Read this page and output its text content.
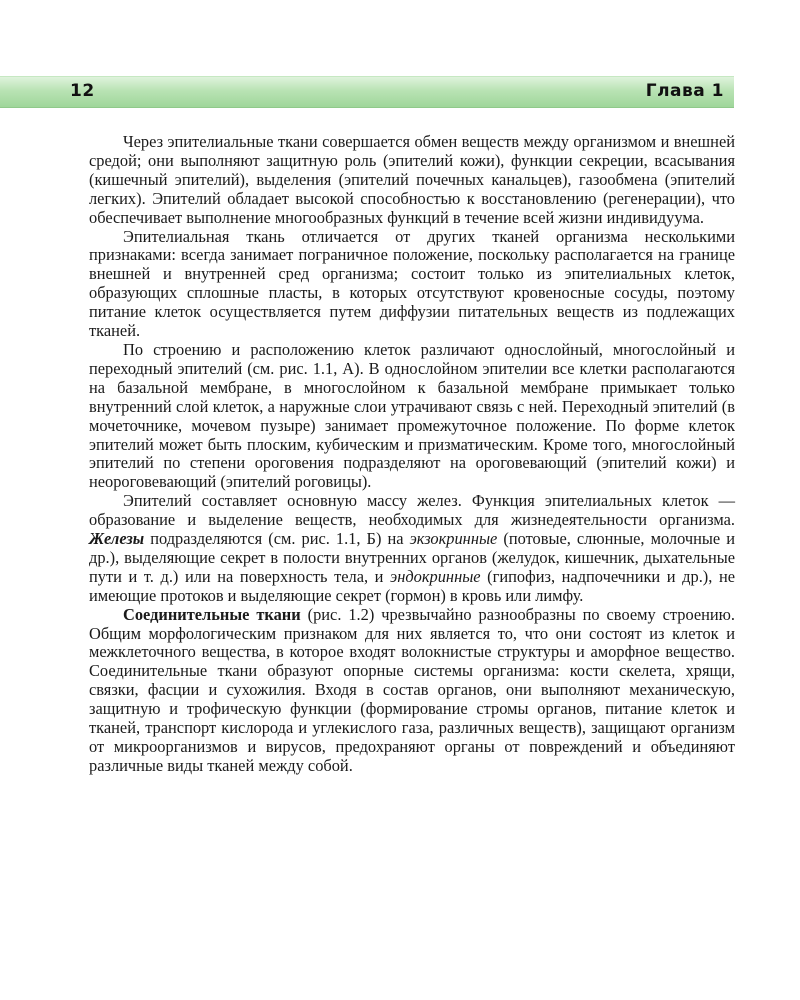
12	Глава 1

Через эпителиальные ткани совершается обмен веществ между организмом и внешней средой; они выполняют защитную роль (эпителий кожи), функции секреции, всасывания (кишечный эпителий), выделения (эпителий почечных канальцев), газообмена (эпителий легких). Эпителий обладает высокой способностью к восстановлению (регенерации), что обеспечивает выполнение многообразных функций в течение всей жизни индивидуума.

Эпителиальная ткань отличается от других тканей организма несколькими признаками: всегда занимает пограничное положение, поскольку располагается на границе внешней и внутренней сред организма; состоит только из эпителиальных клеток, образующих сплошные пласты, в которых отсутствуют кровеносные сосуды, поэтому питание клеток осуществляется путем диффузии питательных веществ из подлежащих тканей.

По строению и расположению клеток различают однослойный, многослойный и переходный эпителий (см. рис. 1.1, А). В однослойном эпителии все клетки располагаются на базальной мембране, в многослойном к базальной мембране примыкает только внутренний слой клеток, а наружные слои утрачивают связь с ней. Переходный эпителий (в мочеточнике, мочевом пузыре) занимает промежуточное положение. По форме клеток эпителий может быть плоским, кубическим и призматическим. Кроме того, многослойный эпителий по степени ороговения подразделяют на ороговевающий (эпителий кожи) и неороговевающий (эпителий роговицы).

Эпителий составляет основную массу желез. Функция эпителиальных клеток — образование и выделение веществ, необходимых для жизнедеятельности организма. Железы подразделяются (см. рис. 1.1, Б) на экзокринные (потовые, слюнные, молочные и др.), выделяющие секрет в полости внутренних органов (желудок, кишечник, дыхательные пути и т. д.) или на поверхность тела, и эндокринные (гипофиз, надпочечники и др.), не имеющие протоков и выделяющие секрет (гормон) в кровь или лимфу.

Соединительные ткани (рис. 1.2) чрезвычайно разнообразны по своему строению. Общим морфологическим признаком для них является то, что они состоят из клеток и межклеточного вещества, в которое входят волокнистые структуры и аморфное вещество. Соединительные ткани образуют опорные системы организма: кости скелета, хрящи, связки, фасции и сухожилия. Входя в состав органов, они выполняют механическую, защитную и трофическую функции (формирование стромы органов, питание клеток и тканей, транспорт кислорода и углекислого газа, различных веществ), защищают организм от микроорганизмов и вирусов, предохраняют органы от повреждений и объединяют различные виды тканей между собой.
